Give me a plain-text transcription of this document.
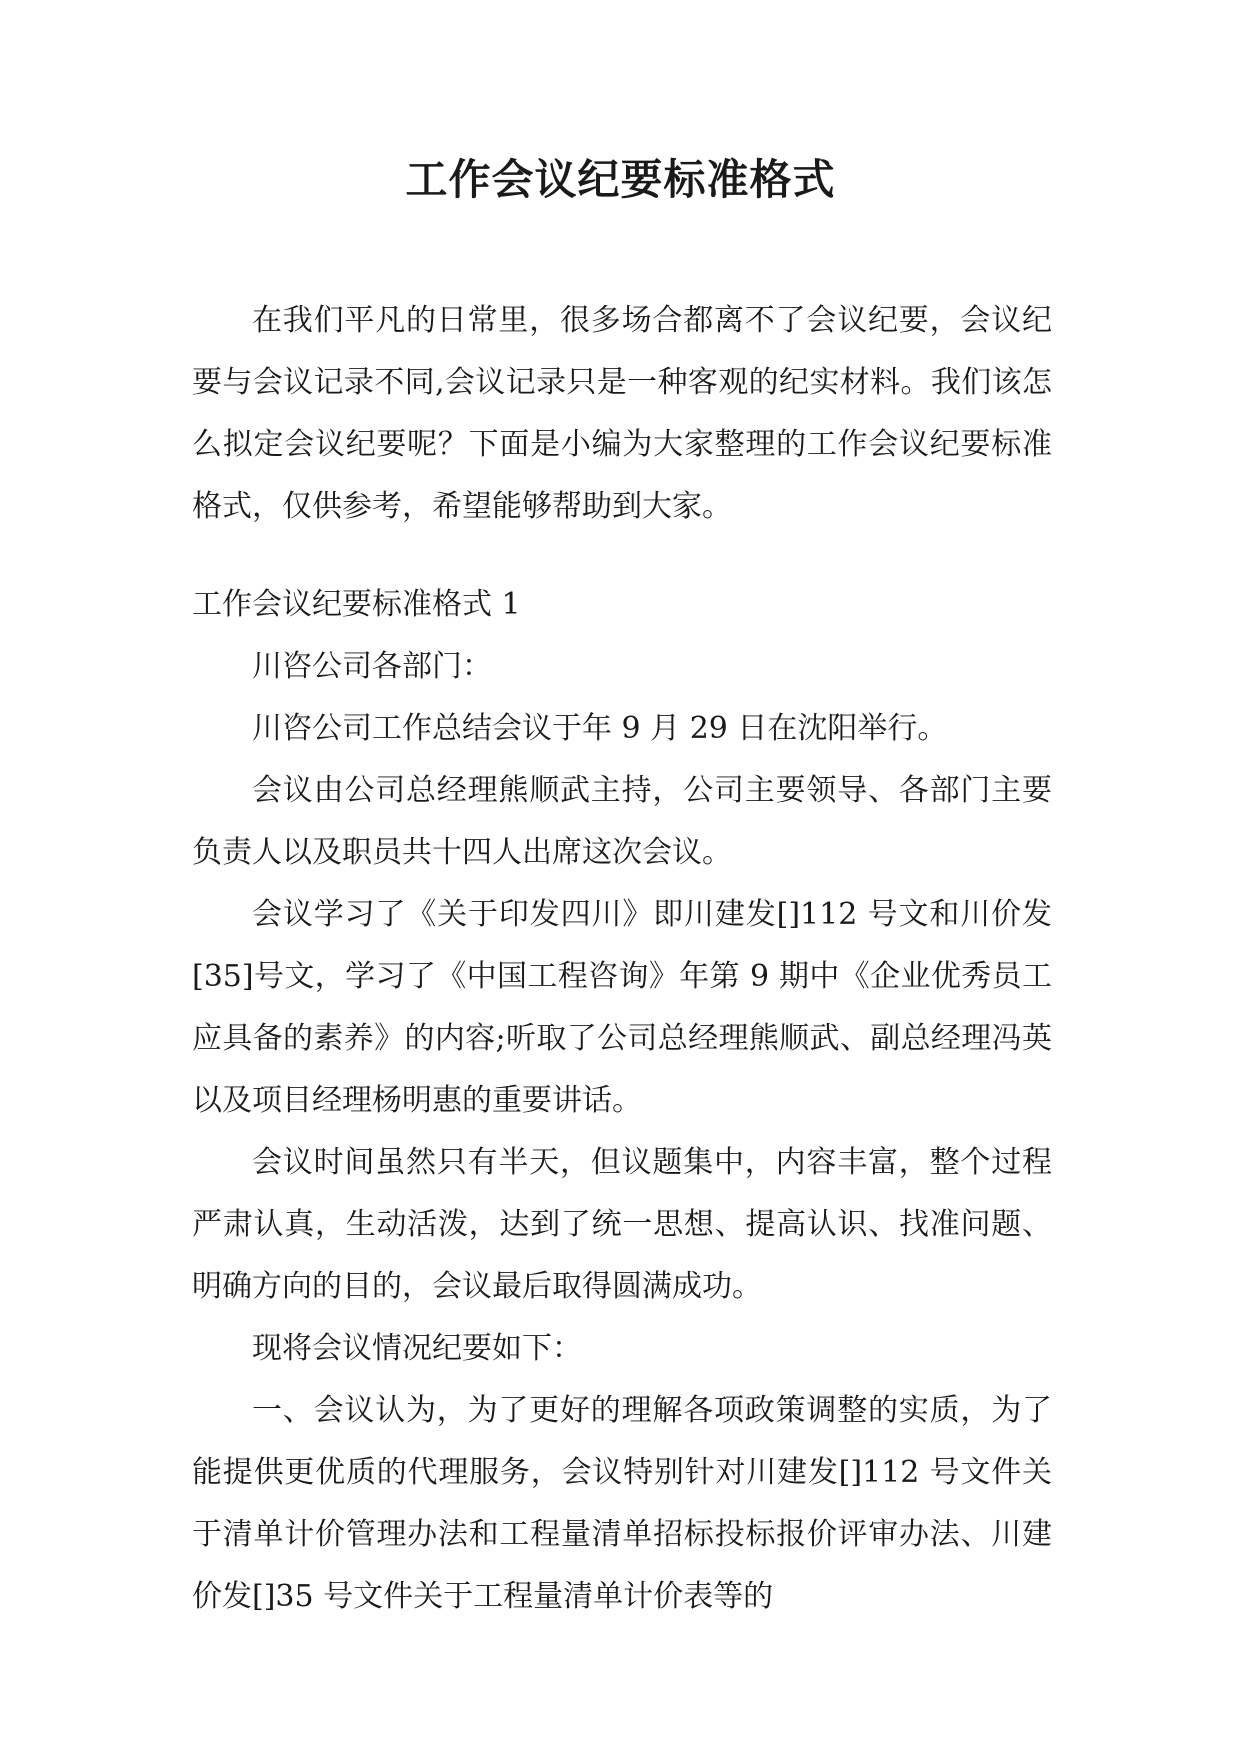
工作会议纪要标准格式

在我们平凡的日常里，很多场合都离不了会议纪要，会议纪要与会议记录不同,会议记录只是一种客观的纪实材料。我们该怎么拟定会议纪要呢？下面是小编为大家整理的工作会议纪要标准格式，仅供参考，希望能够帮助到大家。

工作会议纪要标准格式 1

川咨公司各部门：

川咨公司工作总结会议于年 9 月 29 日在沈阳举行。

会议由公司总经理熊顺武主持，公司主要领导、各部门主要负责人以及职员共十四人出席这次会议。

会议学习了《关于印发四川》即川建发[]112 号文和川价发[35]号文，学习了《中国工程咨询》年第 9 期中《企业优秀员工应具备的素养》的内容;听取了公司总经理熊顺武、副总经理冯英以及项目经理杨明惠的重要讲话。

会议时间虽然只有半天，但议题集中，内容丰富，整个过程严肃认真，生动活泼，达到了统一思想、提高认识、找准问题、明确方向的目的，会议最后取得圆满成功。

现将会议情况纪要如下：

一、会议认为，为了更好的理解各项政策调整的实质，为了能提供更优质的代理服务，会议特别针对川建发[]112 号文件关于清单计价管理办法和工程量清单招标投标报价评审办法、川建价发[]35 号文件关于工程量清单计价表等的
